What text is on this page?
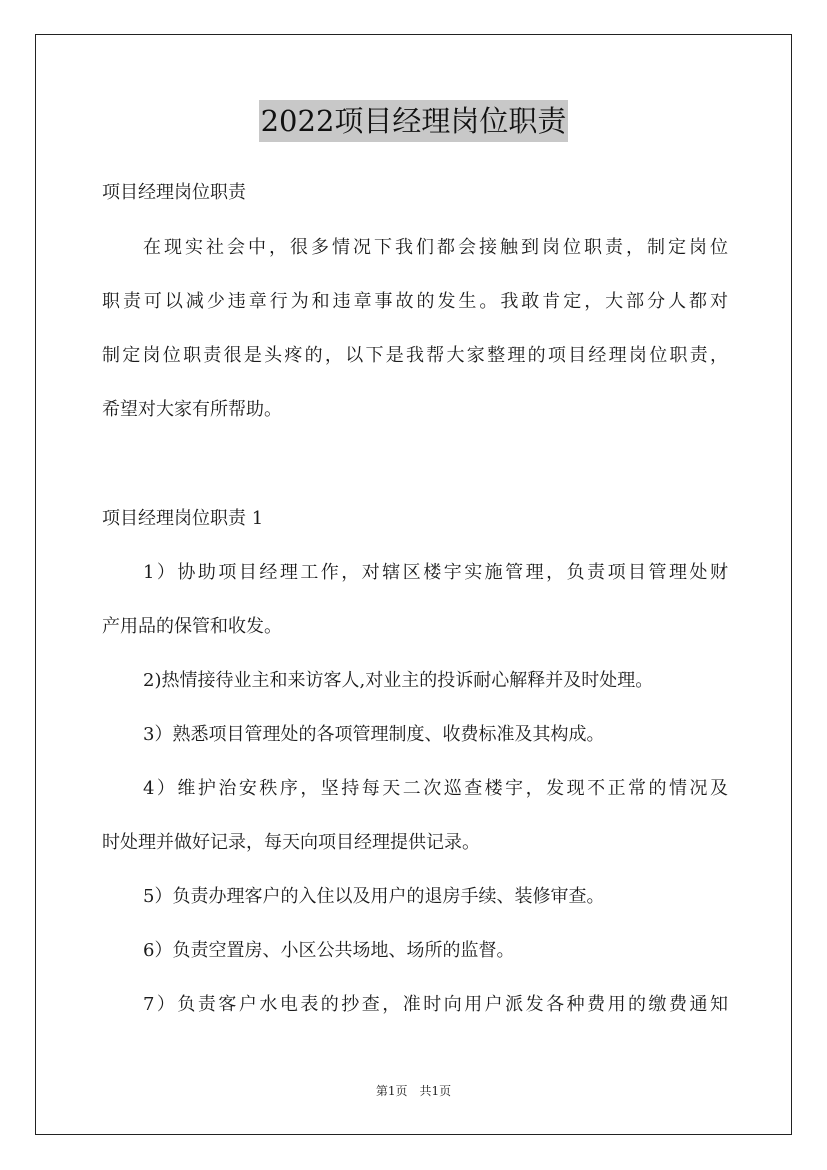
2022项目经理岗位职责
项目经理岗位职责
在现实社会中，很多情况下我们都会接触到岗位职责，制定岗位
职责可以减少违章行为和违章事故的发生。我敢肯定，大部分人都对
制定岗位职责很是头疼的，以下是我帮大家整理的项目经理岗位职责，
希望对大家有所帮助。
项目经理岗位职责 1
1）协助项目经理工作，对辖区楼宇实施管理，负责项目管理处财
产用品的保管和收发。
2)热情接待业主和来访客人,对业主的投诉耐心解释并及时处理。
3）熟悉项目管理处的各项管理制度、收费标准及其构成。
4）维护治安秩序，坚持每天二次巡查楼宇，发现不正常的情况及
时处理并做好记录，每天向项目经理提供记录。
5）负责办理客户的入住以及用户的退房手续、装修审查。
6）负责空置房、小区公共场地、场所的监督。
7）负责客户水电表的抄查，准时向用户派发各种费用的缴费通知
第1页　共1页
